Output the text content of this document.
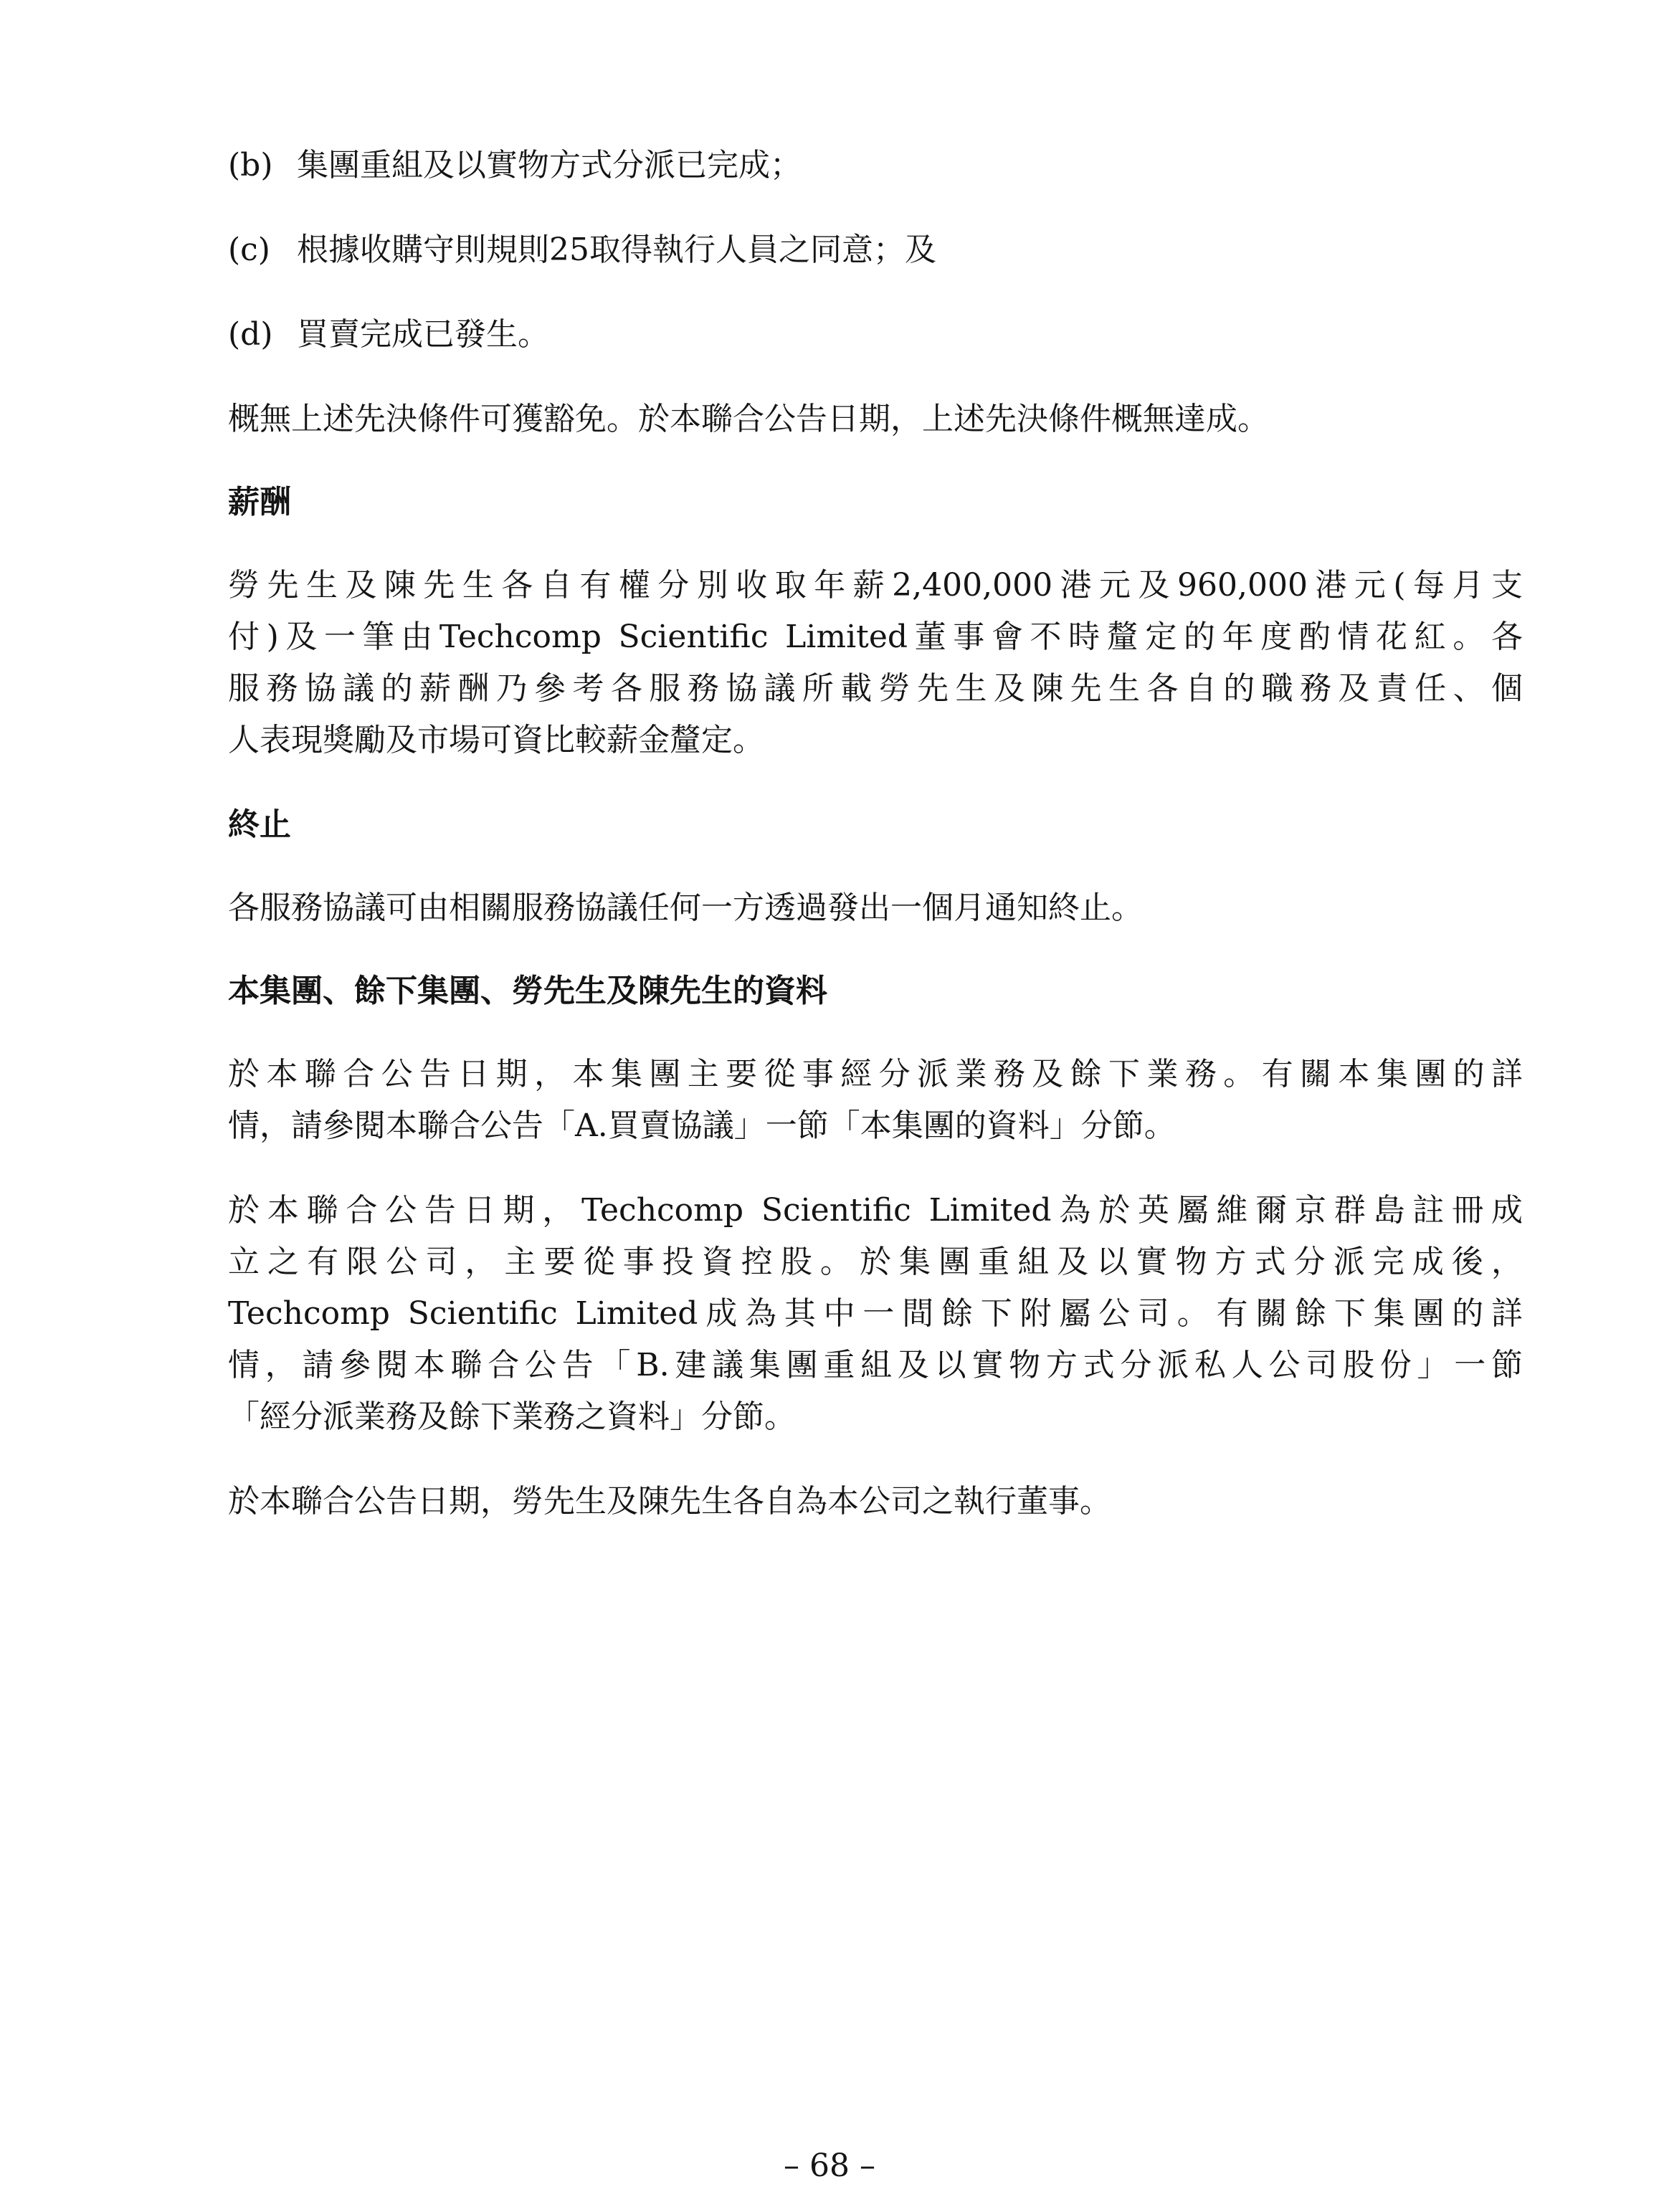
(b) 集團重組及以實物方式分派已完成；
(c) 根據收購守則規則25取得執行人員之同意；及
(d) 買賣完成已發生。
概無上述先決條件可獲豁免。於本聯合公告日期，上述先決條件概無達成。
薪酬
勞先生及陳先生各自有權分別收取年薪2,400,000港元及960,000港元(每月支
付)及一筆由Techcomp Scientific Limited董事會不時釐定的年度酌情花紅。各
服務協議的薪酬乃參考各服務協議所載勞先生及陳先生各自的職務及責任、個
人表現獎勵及市場可資比較薪金釐定。
終止
各服務協議可由相關服務協議任何一方透過發出一個月通知終止。
本集團、餘下集團、勞先生及陳先生的資料
於本聯合公告日期，本集團主要從事經分派業務及餘下業務。有關本集團的詳
情，請參閱本聯合公告「A.買賣協議」一節「本集團的資料」分節。
於本聯合公告日期，Techcomp Scientific Limited為於英屬維爾京群島註冊成
立之有限公司，主要從事投資控股。於集團重組及以實物方式分派完成後，
Techcomp Scientific Limited成為其中一間餘下附屬公司。有關餘下集團的詳
情，請參閱本聯合公告「B.建議集團重組及以實物方式分派私人公司股份」一節
「經分派業務及餘下業務之資料」分節。
於本聯合公告日期，勞先生及陳先生各自為本公司之執行董事。
– 68 –
